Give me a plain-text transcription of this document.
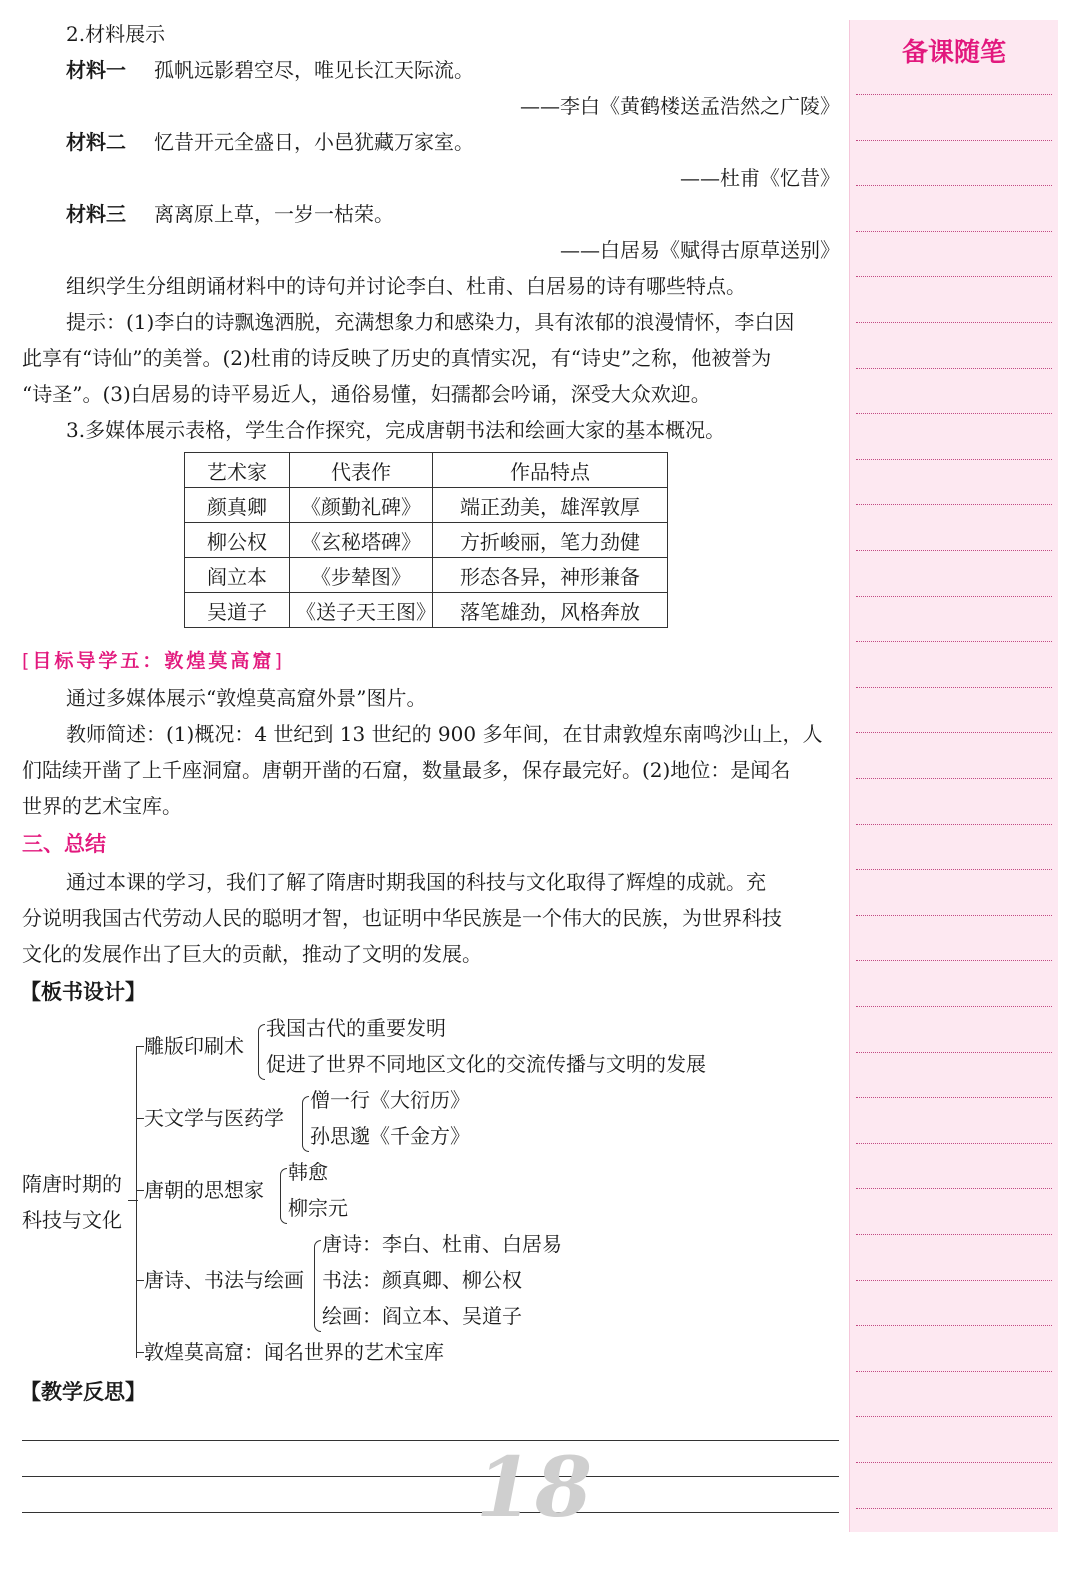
备课随笔
2.材料展示
材料一 孤帆远影碧空尽，唯见长江天际流。
——李白《黄鹤楼送孟浩然之广陵》
材料二 忆昔开元全盛日，小邑犹藏万家室。
——杜甫《忆昔》
材料三 离离原上草，一岁一枯荣。
——白居易《赋得古原草送别》
组织学生分组朗诵材料中的诗句并讨论李白、杜甫、白居易的诗有哪些特点。
提示：(1)李白的诗飘逸洒脱，充满想象力和感染力，具有浓郁的浪漫情怀，李白因
此享有“诗仙”的美誉。(2)杜甫的诗反映了历史的真情实况，有“诗史”之称，他被誉为
“诗圣”。(3)白居易的诗平易近人，通俗易懂，妇孺都会吟诵，深受大众欢迎。
3.多媒体展示表格，学生合作探究，完成唐朝书法和绘画大家的基本概况。
艺术家	代表作	作品特点
颜真卿	《颜勤礼碑》	端正劲美，雄浑敦厚
柳公权	《玄秘塔碑》	方折峻丽，笔力劲健
阎立本	《步辇图》	形态各异，神形兼备
吴道子	《送子天王图》	落笔雄劲，风格奔放
[目标导学五：敦煌莫高窟]
通过多媒体展示“敦煌莫高窟外景”图片。
教师简述：(1)概况：4 世纪到 13 世纪的 900 多年间，在甘肃敦煌东南鸣沙山上，人
们陆续开凿了上千座洞窟。唐朝开凿的石窟，数量最多，保存最完好。(2)地位：是闻名
世界的艺术宝库。
三、总结
通过本课的学习，我们了解了隋唐时期我国的科技与文化取得了辉煌的成就。充
分说明我国古代劳动人民的聪明才智，也证明中华民族是一个伟大的民族，为世界科技
文化的发展作出了巨大的贡献，推动了文明的发展。
【板书设计】
隋唐时期的
科技与文化
雕版印刷术
我国古代的重要发明
促进了世界不同地区文化的交流传播与文明的发展
天文学与医药学
僧一行《大衍历》
孙思邈《千金方》
唐朝的思想家
韩愈
柳宗元
唐诗、书法与绘画
唐诗：李白、杜甫、白居易
书法：颜真卿、柳公权
绘画：阎立本、吴道子
敦煌莫高窟：闻名世界的艺术宝库
【教学反思】
18
